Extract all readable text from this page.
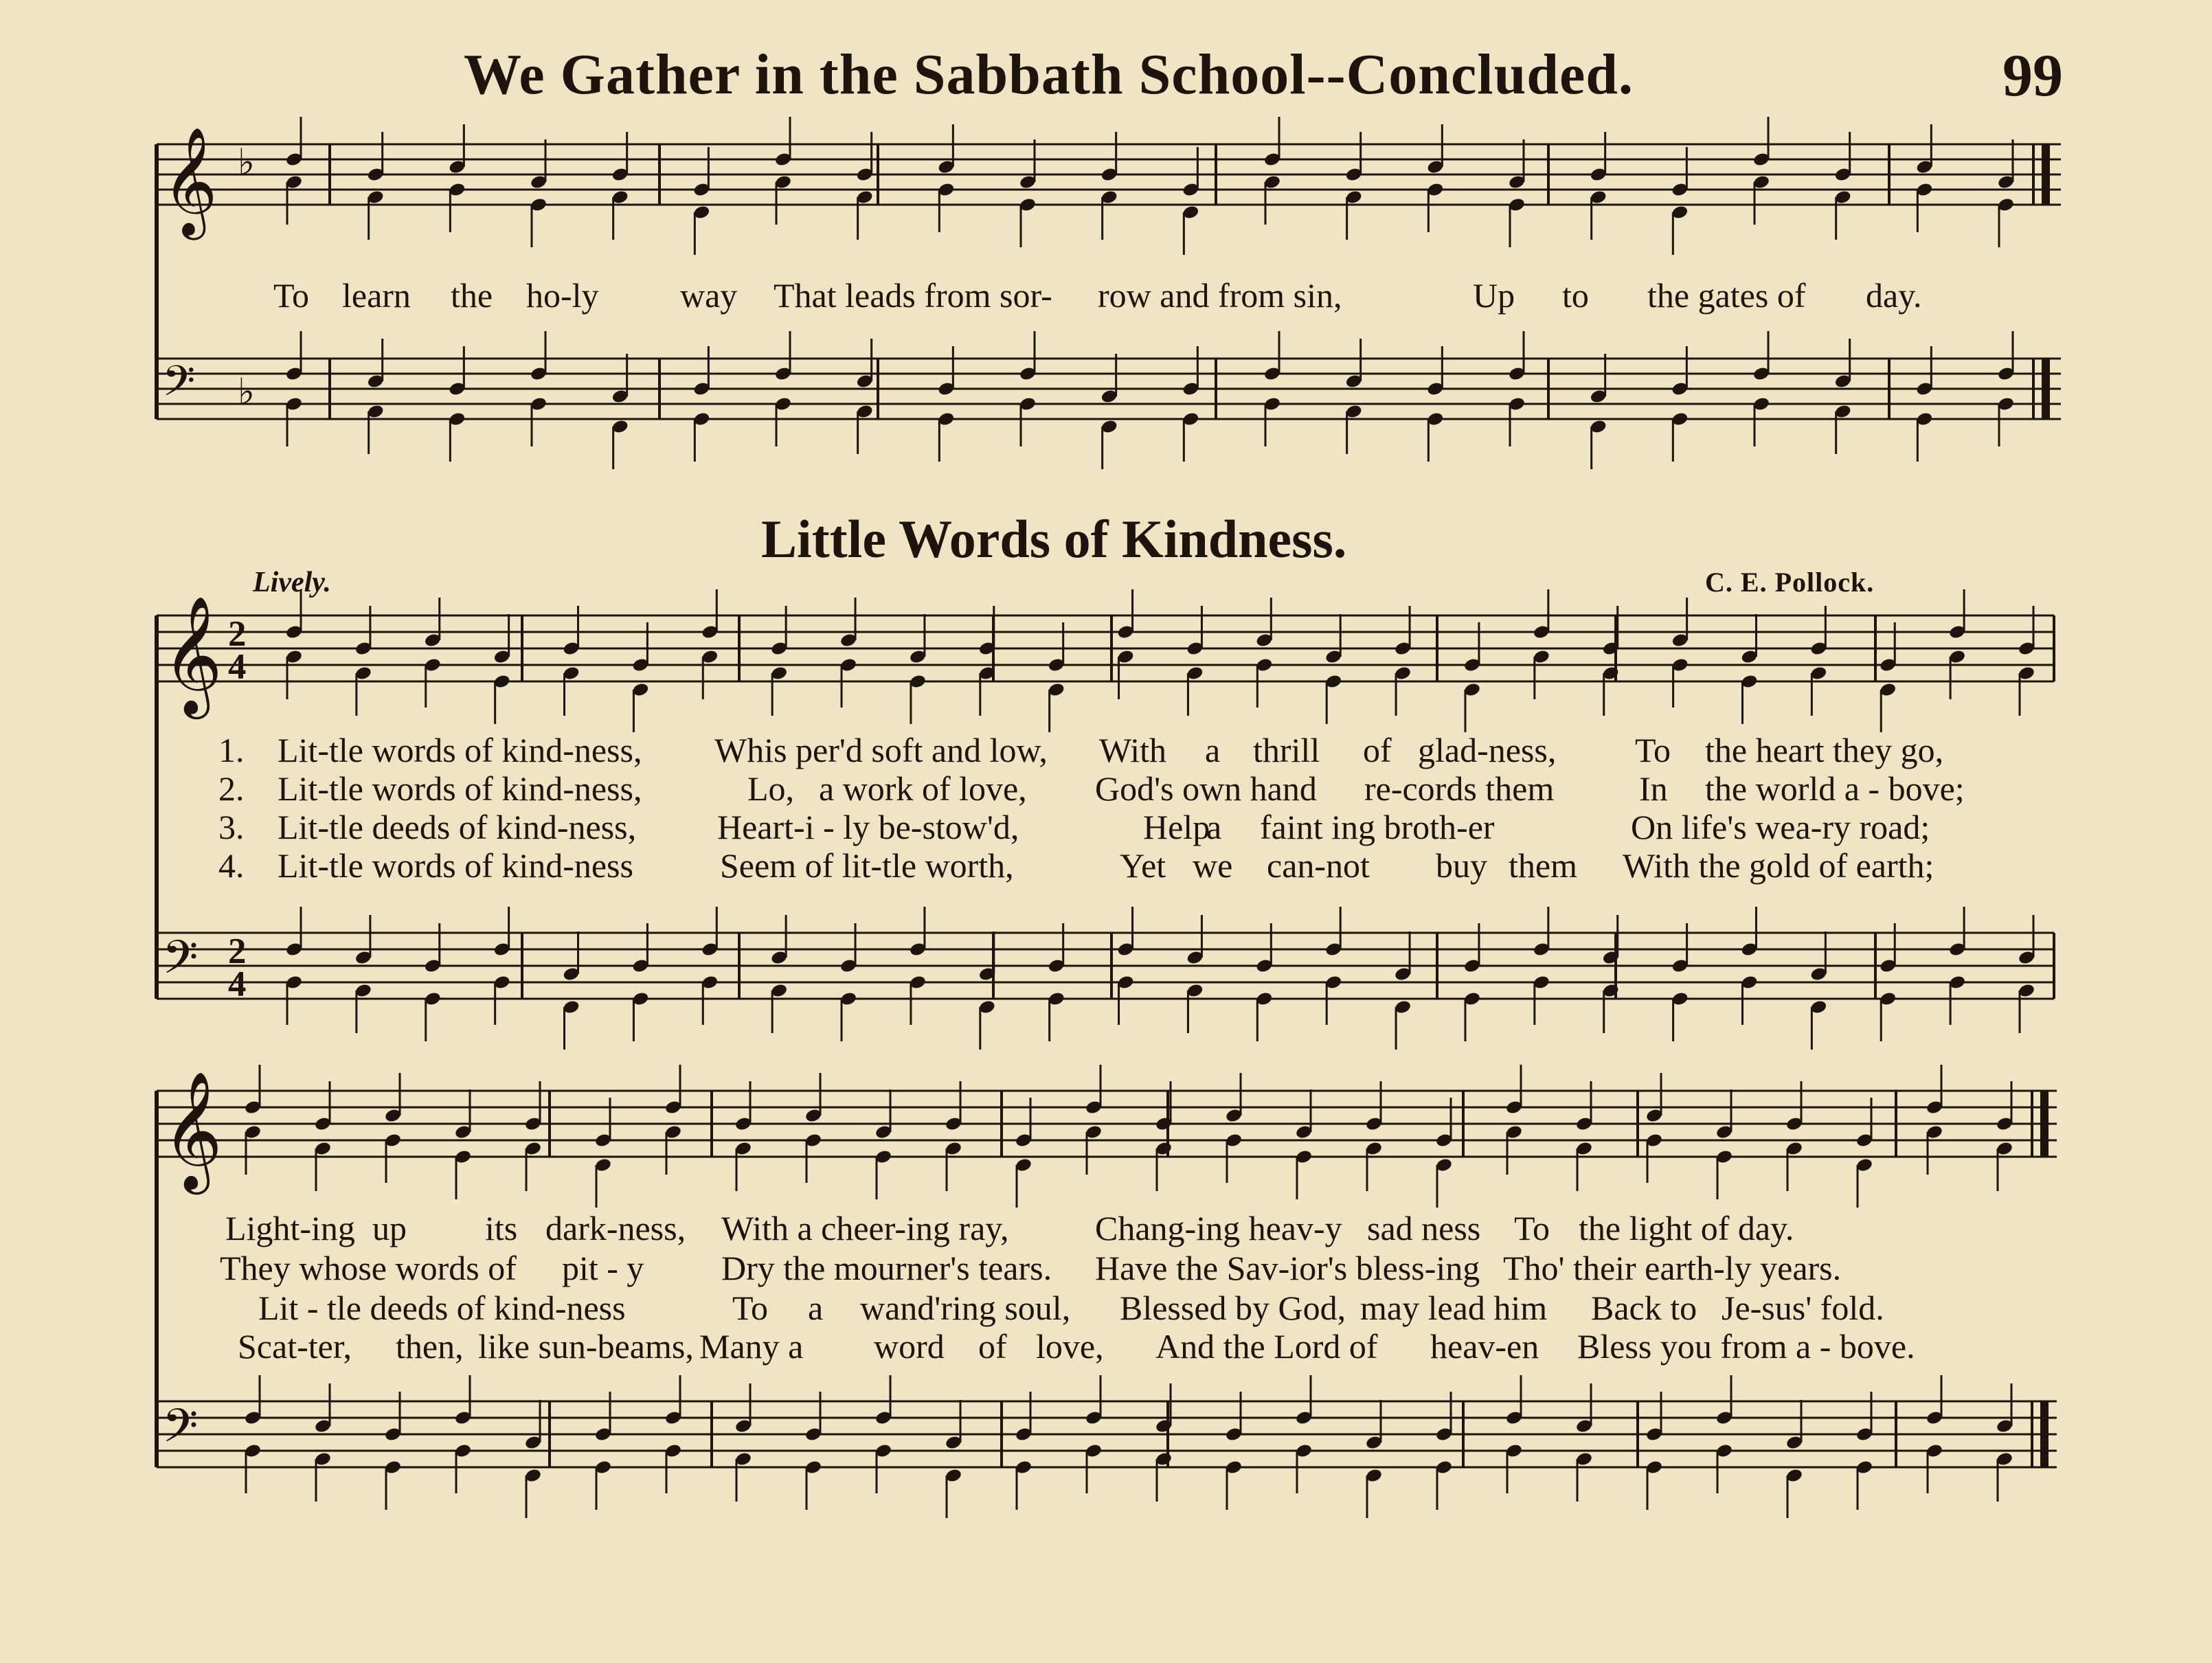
𝄞
𝄢
♭
♭
𝄞
𝄢
2
4
2
4
𝄞
𝄢
We Gather in the Sabbath School--Concluded.	99
Little Words of Kindness.
Lively.	C. E. Pollock.
To learn the ho-ly way That leads from sor- row and from sin,	Up to the gates of day.
1. Lit-tle words of kind-ness, Whis per'd soft and low, With a thrill of glad-ness, To the heart they go,
2. Lit-tle words of kind-ness,	Lo, a work of love, God's own hand re-cords them In the world a - bove;
3. Lit-tle deeds of kind-ness, Heart-i - ly be-stow'd,	Help
a faint ing broth-er	On life's wea-ry road;
4. Lit-tle words of kind-ness	Seem of lit-tle worth,	Yet we can-not buy them With the gold of earth;
Light-ing up its dark-ness, With a cheer-ing ray,	Chang-ing heav-y sad ness To the light of day.
They whose words of pit - y Dry the mourner's tears. Have the Sav-ior's bless-ing Tho' their earth-ly years.
Lit - tle deeds of kind-ness	To a wand'ring soul, Blessed by God, may lead him Back to Je-sus' fold.
Scat-ter, then, like sun-beams, Many a word of love, And the Lord of heav-en Bless you from a - bove.
